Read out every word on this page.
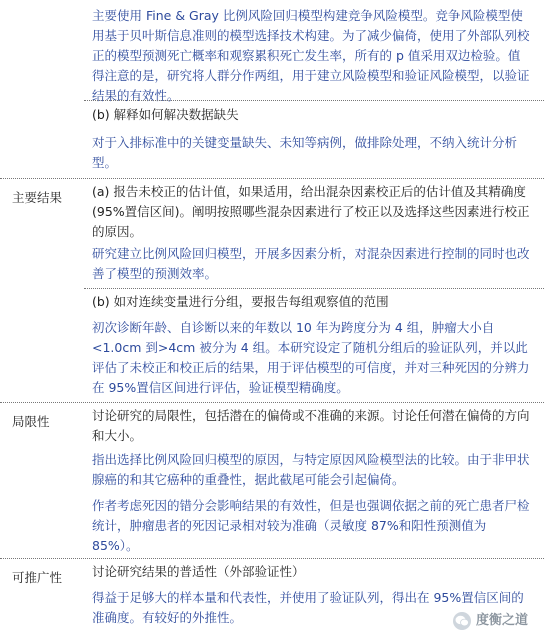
主要使用 Fine & Gray 比例风险回归模型构建竞争风险模型。竞争风险模型使用基于贝叶斯信息准则的模型选择技术构建。为了减少偏倚，使用了外部队列校正的模型预测死亡概率和观察累积死亡发生率，所有的 p 值采用双边检验。值得注意的是，研究将人群分作两组，用于建立风险模型和验证风险模型，以验证结果的有效性。
(b) 解释如何解决数据缺失
对于入排标准中的关键变量缺失、未知等病例，做排除处理，不纳入统计分析型。
主要结果 (a) 报告未校正的估计值，如果适用，给出混杂因素校正后的估计值及其精确度(95%置信区间)。阐明按照哪些混杂因素进行了校正以及选择这些因素进行校正的原因。
研究建立比例风险回归模型，开展多因素分析，对混杂因素进行控制的同时也改善了模型的预测效率。
(b) 如对连续变量进行分组，要报告每组观察值的范围
初次诊断年龄、自诊断以来的年数以 10 年为跨度分为 4 组，肿瘤大小自<1.0cm 到>4cm 被分为 4 组。本研究设定了随机分组后的验证队列，并以此评估了未校正和校正后的结果，用于评估模型的可信度，并对三种死因的分辨力在 95%置信区间进行评估，验证模型精确度。
局限性	讨论研究的局限性，包括潜在的偏倚或不准确的来源。讨论任何潜在偏倚的方向和大小。
指出选择比例风险回归模型的原因，与特定原因风险模型法的比较。由于非甲状腺癌的和其它癌种的重叠性，据此截尾可能会引起偏倚。
作者考虑死因的错分会影响结果的有效性，但是也强调依据之前的死亡患者尸检统计，肿瘤患者的死因记录相对较为准确（灵敏度 87%和阳性预测值为85%）。
可推广性 讨论研究结果的普适性（外部验证性）
得益于足够大的样本量和代表性，并使用了验证队列，得出在 95%置信区间的准确度。有较好的外推性。	度衡之道
